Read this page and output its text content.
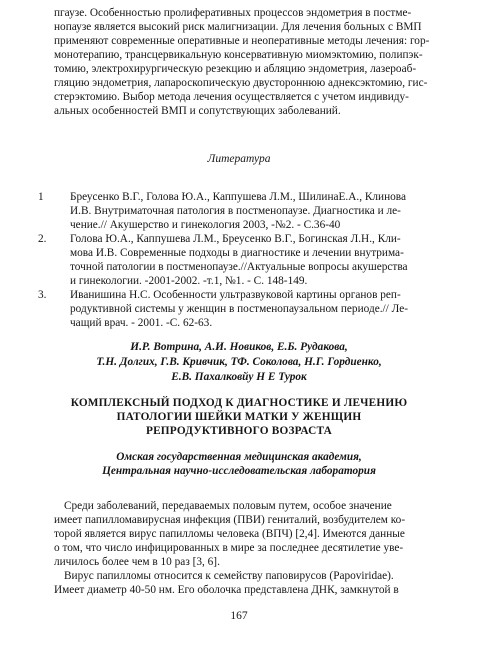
пгаузе. Особенностью пролиферативных процессов эндометрия в постме-
нопаузе является высокий риск малигнизации. Для лечения больных с ВМП
применяют современные оперативные и неоперативные методы лечения: гор-
монотерапию, трансцервикальную консервативную миомэктомию, полипэк-
томию, электрохирургическую резекцию и абляцию эндометрия, лазероаб-
гляцию эндометрия, лапароскопическую двустороннюю аднексэктомию, гис-
стерэктомию. Выбор метода лечения осуществляется с учетом индивиду-
альных особенностей ВМП и сопутствующих заболеваний.
Литература
1	Бреусенко В.Г., Голова Ю.А., Каппушева Л.М., ШилинаЕ.А., Клинова
И.В. Внутриматочная патология в постменопаузе. Диагностика и ле-
чение.// Акушерство и гинекология 2003, -№2. - С.36-40
2.	Голова Ю.А., Каппушева Л.М., Бреусенко В.Г., Богинская Л.Н., Кли-
мова И.В. Современные подходы в диагностике и лечении внутрима-
точной патологии в постменопаузе.//Актуальные вопросы акушерства
и гинекологии. -2001-2002. -т.1, №1. - С. 148-149.
3.	Иванишина Н.С. Особенности ультразвуковой картины органов реп-
родуктивной системы у женщин в постменопаузальном периоде.// Ле-
чащий врач. - 2001. -С. 62-63.
И.Р. Вотрина, А.И. Новиков, Е.Б. Рудакова,
Т.Н. Долгих, Г.В. Кривчик, ТФ. Соколова, Н.Г. Гордиенко,
Е.В. Пахалковйу Н Е Турок
КОМПЛЕКСНЫЙ ПОДХОД К ДИАГНОСТИКЕ И ЛЕЧЕНИЮ
ПАТОЛОГИИ ШЕЙКИ МАТКИ У ЖЕНЩИН
РЕПРОДУКТИВНОГО ВОЗРАСТА
Омская государственная медицинская академия,
Центральная научно-исследовательская лаборатория
Среди заболеваний, передаваемых половым путем, особое значение
имеет папилломавирусная инфекция (ПВИ) гениталий, возбудителем ко-
торой является вирус папилломы человека (ВПЧ) [2,4]. Имеются данные
о том, что число инфицированных в мире за последнее десятилетие уве-
личилось более чем в 10 раз [3, 6].
Вирус папилломы относится к семейству паповирусов (Papoviridae).
Имеет диаметр 40-50 нм. Его оболочка представлена ДНК, замкнутой в
167
